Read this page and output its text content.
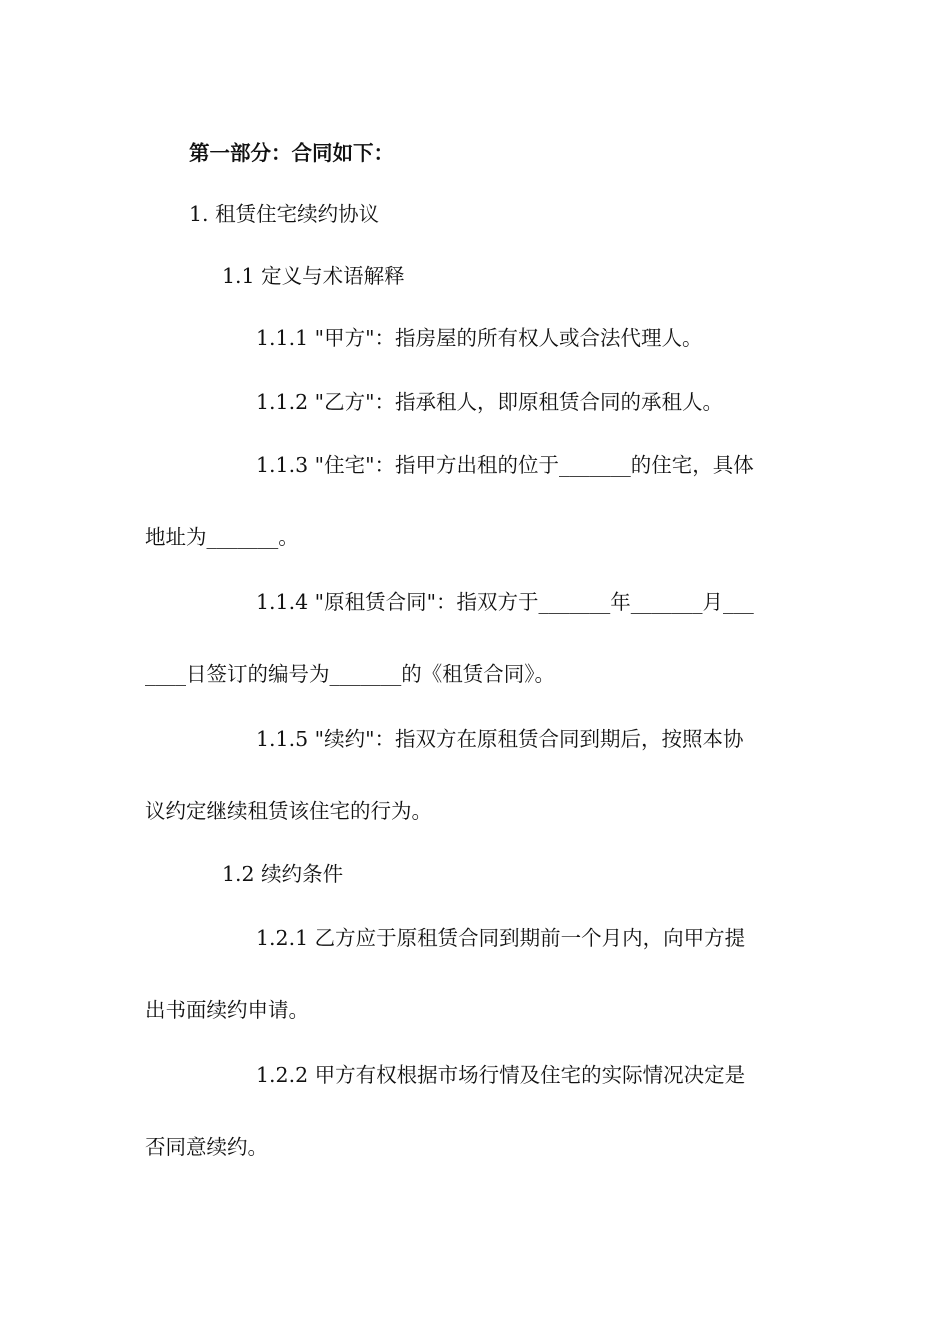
第一部分：合同如下：
1. 租赁住宅续约协议
1.1 定义与术语解释
1.1.1 "甲方"：指房屋的所有权人或合法代理人。
1.1.2 "乙方"：指承租人，即原租赁合同的承租人。
1.1.3 "住宅"：指甲方出租的位于_______的住宅，具体
地址为_______。
1.1.4 "原租赁合同"：指双方于_______年_______月___
____日签订的编号为_______的《租赁合同》。
1.1.5 "续约"：指双方在原租赁合同到期后，按照本协
议约定继续租赁该住宅的行为。
1.2 续约条件
1.2.1 乙方应于原租赁合同到期前一个月内，向甲方提
出书面续约申请。
1.2.2 甲方有权根据市场行情及住宅的实际情况决定是
否同意续约。
